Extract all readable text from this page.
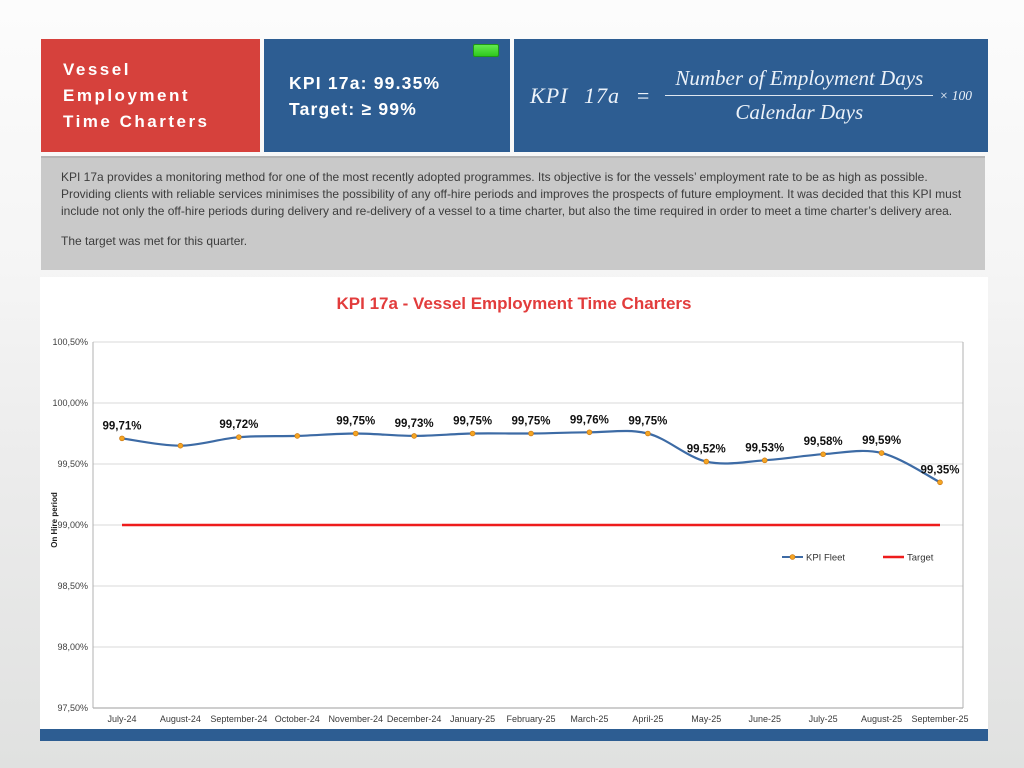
Vessel
Employment
Time Charters
KPI 17a: 99.35%
Target: ≥ 99%
KPI $17a = \frac{\text{Number of Employment Days}}{\text{Calendar Days}} \times 100$

KPI 17a provides a monitoring method for one of the most recently adopted programmes. Its objective is for the vessels’ employment rate to be as high as possible. Providing clients with reliable services minimises the possibility of any off-hire periods and improves the prospects of future employment. It was decided that this KPI must include not only the off-hire periods during delivery and re-delivery of a vessel to a time charter, but also the time required in order to meet a time charter’s delivery area.

The target was met for this quarter.

KPI 17a - Vessel Employment Time Charters
100,50%
100,00%
99,50%
99,00%
98,50%
98,00%
97,50%
July-24	August-24 September-24 October-24 November-24 December-24 January-25 February-25 March-25	April-25	May-25	June-25	July-25	August-25 September-25
On Hire period
99,71%	99,72%	99,75% 99,73% 99,75% 99,75% 99,76% 99,75%
99,52% 99,53%
99,58% 99,59%
99,35%
KPI Fleet	Target
